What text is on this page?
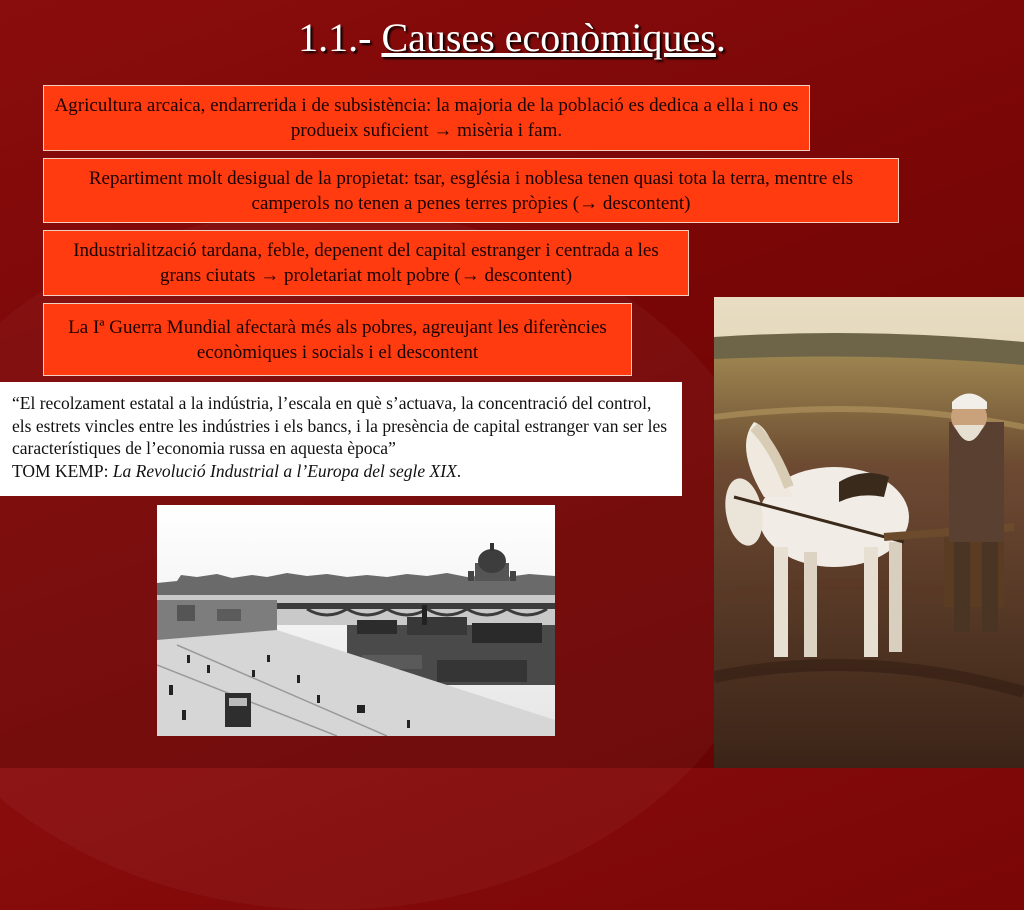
1.1.- Causes econòmiques.
Agricultura arcaica, endarrerida i de subsistència: la majoria de la població es dedica a ella i no es produeix suficient → misèria i fam.
Repartiment molt desigual de la propietat: tsar, església i noblesa tenen quasi tota la terra, mentre els camperols no tenen a penes terres pròpies (→ descontent)
Industrialització tardana, feble, depenent del capital estranger i centrada a les grans ciutats → proletariat molt pobre (→ descontent)
La Iª Guerra Mundial afectarà més als pobres, agreujant les diferències econòmiques i socials i el descontent
“El recolzament estatal a la indústria, l’escala en què s’actuava, la concentració del control, els estrets vincles entre les indústries i els bancs, i la presència de capital estranger van ser les característiques de l’economia russa en aquesta època”
TOM KEMP: La Revolució Industrial a l’Europa del segle XIX.
